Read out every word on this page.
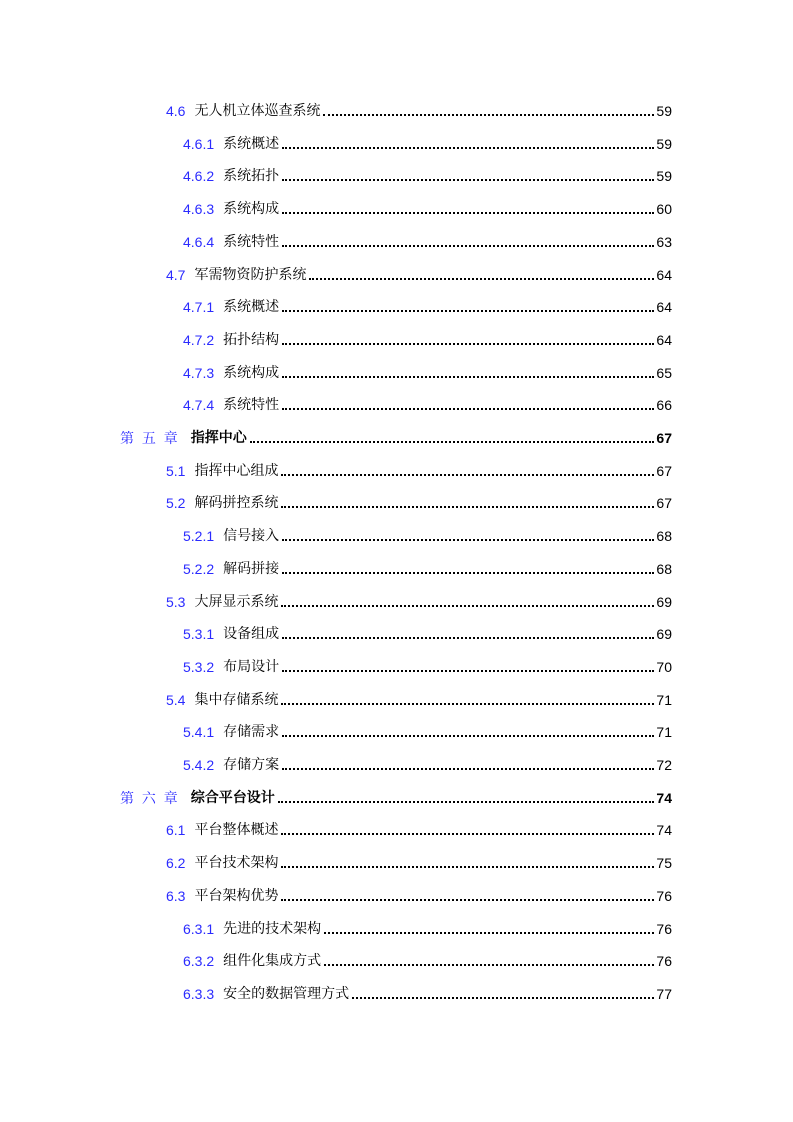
4.6 无人机立体巡查系统	59
4.6.1 系统概述	59
4.6.2 系统拓扑	59
4.6.3 系统构成	60
4.6.4 系统特性	63
4.7 军需物资防护系统	64
4.7.1 系统概述	64
4.7.2 拓扑结构	64
4.7.3 系统构成	65
4.7.4 系统特性	66
第 五 章 指挥中心	67
5.1 指挥中心组成	67
5.2 解码拼控系统	67
5.2.1 信号接入	68
5.2.2 解码拼接	68
5.3 大屏显示系统	69
5.3.1 设备组成	69
5.3.2 布局设计	70
5.4 集中存储系统	71
5.4.1 存储需求	71
5.4.2 存储方案	72
第 六 章 综合平台设计	74
6.1 平台整体概述	74
6.2 平台技术架构	75
6.3 平台架构优势	76
6.3.1 先进的技术架构	76
6.3.2 组件化集成方式	76
6.3.3 安全的数据管理方式	77
